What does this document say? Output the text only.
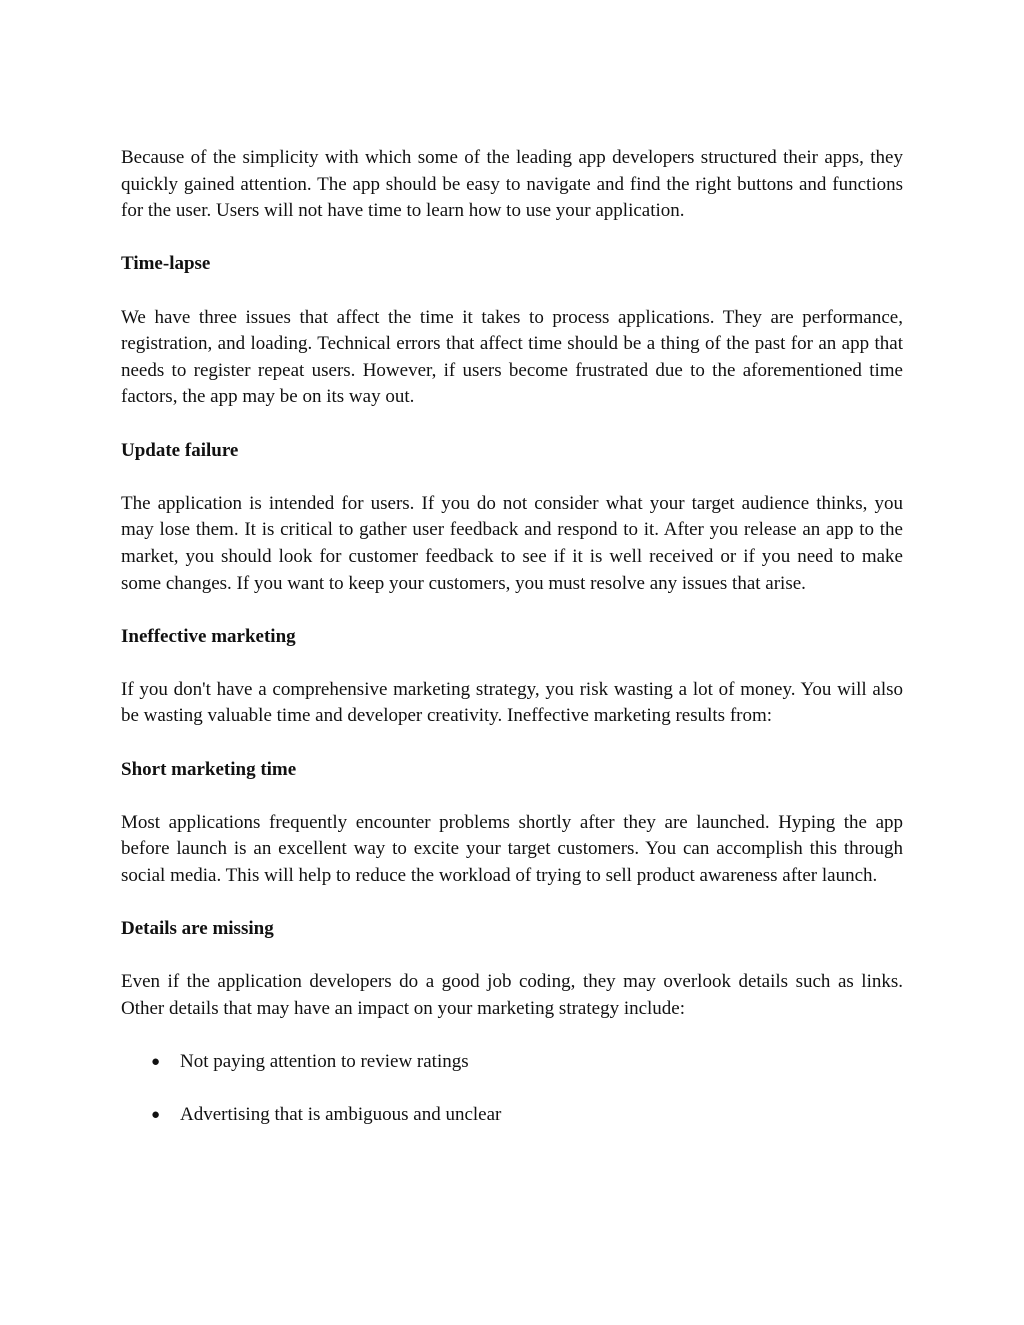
Because of the simplicity with which some of the leading app developers structured their apps, they quickly gained attention. The app should be easy to navigate and find the right buttons and functions for the user. Users will not have time to learn how to use your application.

Time-lapse

We have three issues that affect the time it takes to process applications. They are performance, registration, and loading. Technical errors that affect time should be a thing of the past for an app that needs to register repeat users. However, if users become frustrated due to the aforementioned time factors, the app may be on its way out.

Update failure

The application is intended for users. If you do not consider what your target audience thinks, you may lose them. It is critical to gather user feedback and respond to it. After you release an app to the market, you should look for customer feedback to see if it is well received or if you need to make some changes. If you want to keep your customers, you must resolve any issues that arise.

Ineffective marketing

If you don't have a comprehensive marketing strategy, you risk wasting a lot of money. You will also be wasting valuable time and developer creativity. Ineffective marketing results from:

Short marketing time

Most applications frequently encounter problems shortly after they are launched. Hyping the app before launch is an excellent way to excite your target customers. You can accomplish this through social media. This will help to reduce the workload of trying to sell product awareness after launch.

Details are missing

Even if the application developers do a good job coding, they may overlook details such as links. Other details that may have an impact on your marketing strategy include:

● Not paying attention to review ratings
● Advertising that is ambiguous and unclear
